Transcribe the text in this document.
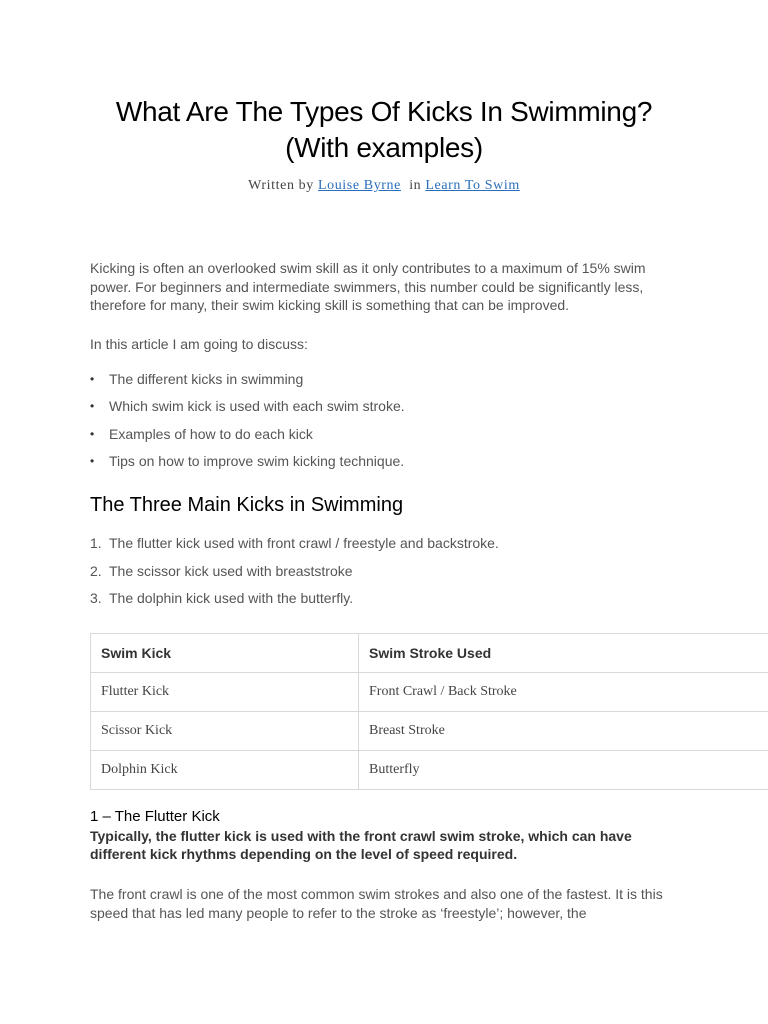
What Are The Types Of Kicks In Swimming?
(With examples)
Written by Louise Byrne in Learn To Swim

Kicking is often an overlooked swim skill as it only contributes to a maximum of 15% swim power. For beginners and intermediate swimmers, this number could be significantly less, therefore for many, their swim kicking skill is something that can be improved.

In this article I am going to discuss:

• The different kicks in swimming
• Which swim kick is used with each swim stroke.
• Examples of how to do each kick
• Tips on how to improve swim kicking technique.
The Three Main Kicks in Swimming
1. The flutter kick used with front crawl / freestyle and backstroke.
2. The scissor kick used with breaststroke
3. The dolphin kick used with the butterfly.
Swim Kick	Swim Stroke Used
Flutter Kick	Front Crawl / Back Stroke
Scissor Kick	Breast Stroke
Dolphin Kick	Butterfly
1 – The Flutter Kick

Typically, the flutter kick is used with the front crawl swim stroke, which can have different kick rhythms depending on the level of speed required.

The front crawl is one of the most common swim strokes and also one of the fastest. It is this speed that has led many people to refer to the stroke as ‘freestyle’; however, the
